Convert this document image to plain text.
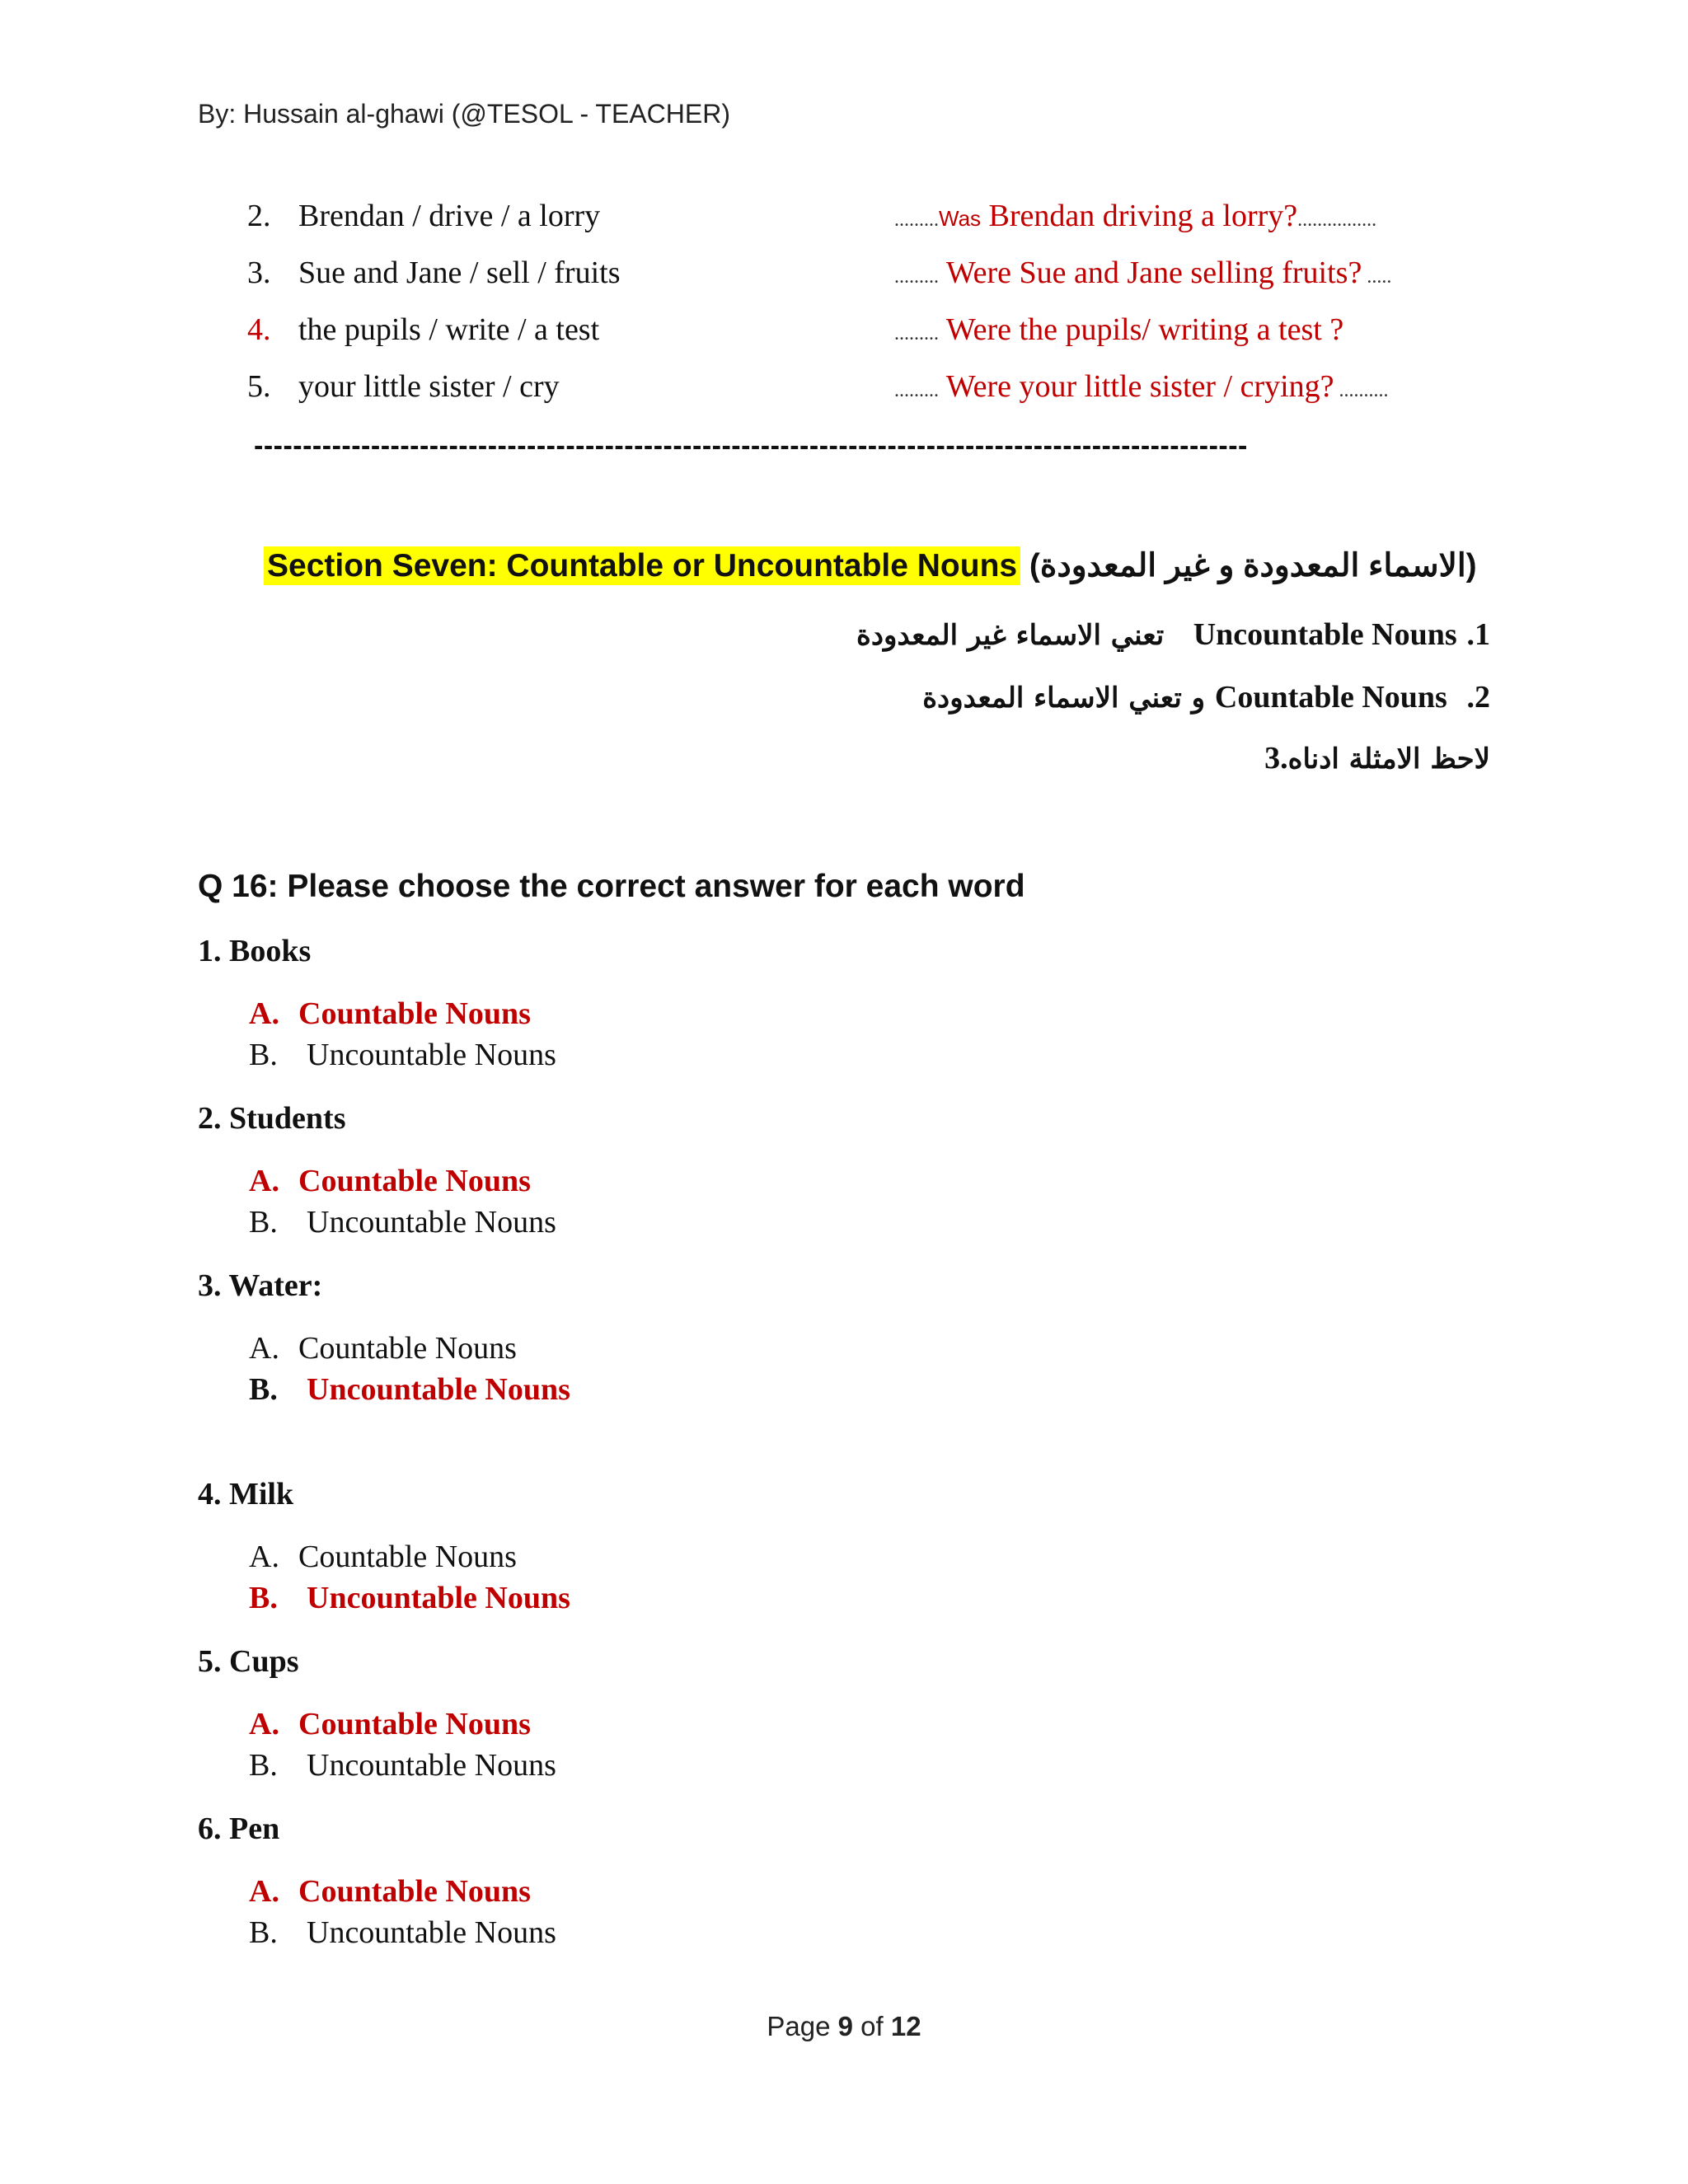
By: Hussain al-ghawi (@TESOL - TEACHER)
2. Brendan / drive / a lorry	.........Was Brendan driving a lorry?................
3. Sue and Jane / sell / fruits	......... Were Sue and Jane selling fruits? .....
4. the pupils / write / a test	......... Were the pupils/ writing a test ?
5. your little sister / cry	......... Were your little sister / crying? ..........
------------------------------------------------------------------------------------------------------
Section Seven: Countable or Uncountable Nouns (الاسماء المعدودة و غير المعدودة)
تعني الاسماء غير المعدودة Uncountable Nouns .1
و تعني الاسماء المعدودة Countable Nouns .2
لاحظ الامثلة ادناه.3
Q 16: Please choose the correct answer for each word
1. Books
A. Countable Nouns
B. Uncountable Nouns
2. Students
A. Countable Nouns
B. Uncountable Nouns
3. Water:
A. Countable Nouns
B. Uncountable Nouns
4. Milk
A. Countable Nouns
B. Uncountable Nouns
5. Cups
A. Countable Nouns
B. Uncountable Nouns
6. Pen
A. Countable Nouns
B. Uncountable Nouns
Page 9 of 12
